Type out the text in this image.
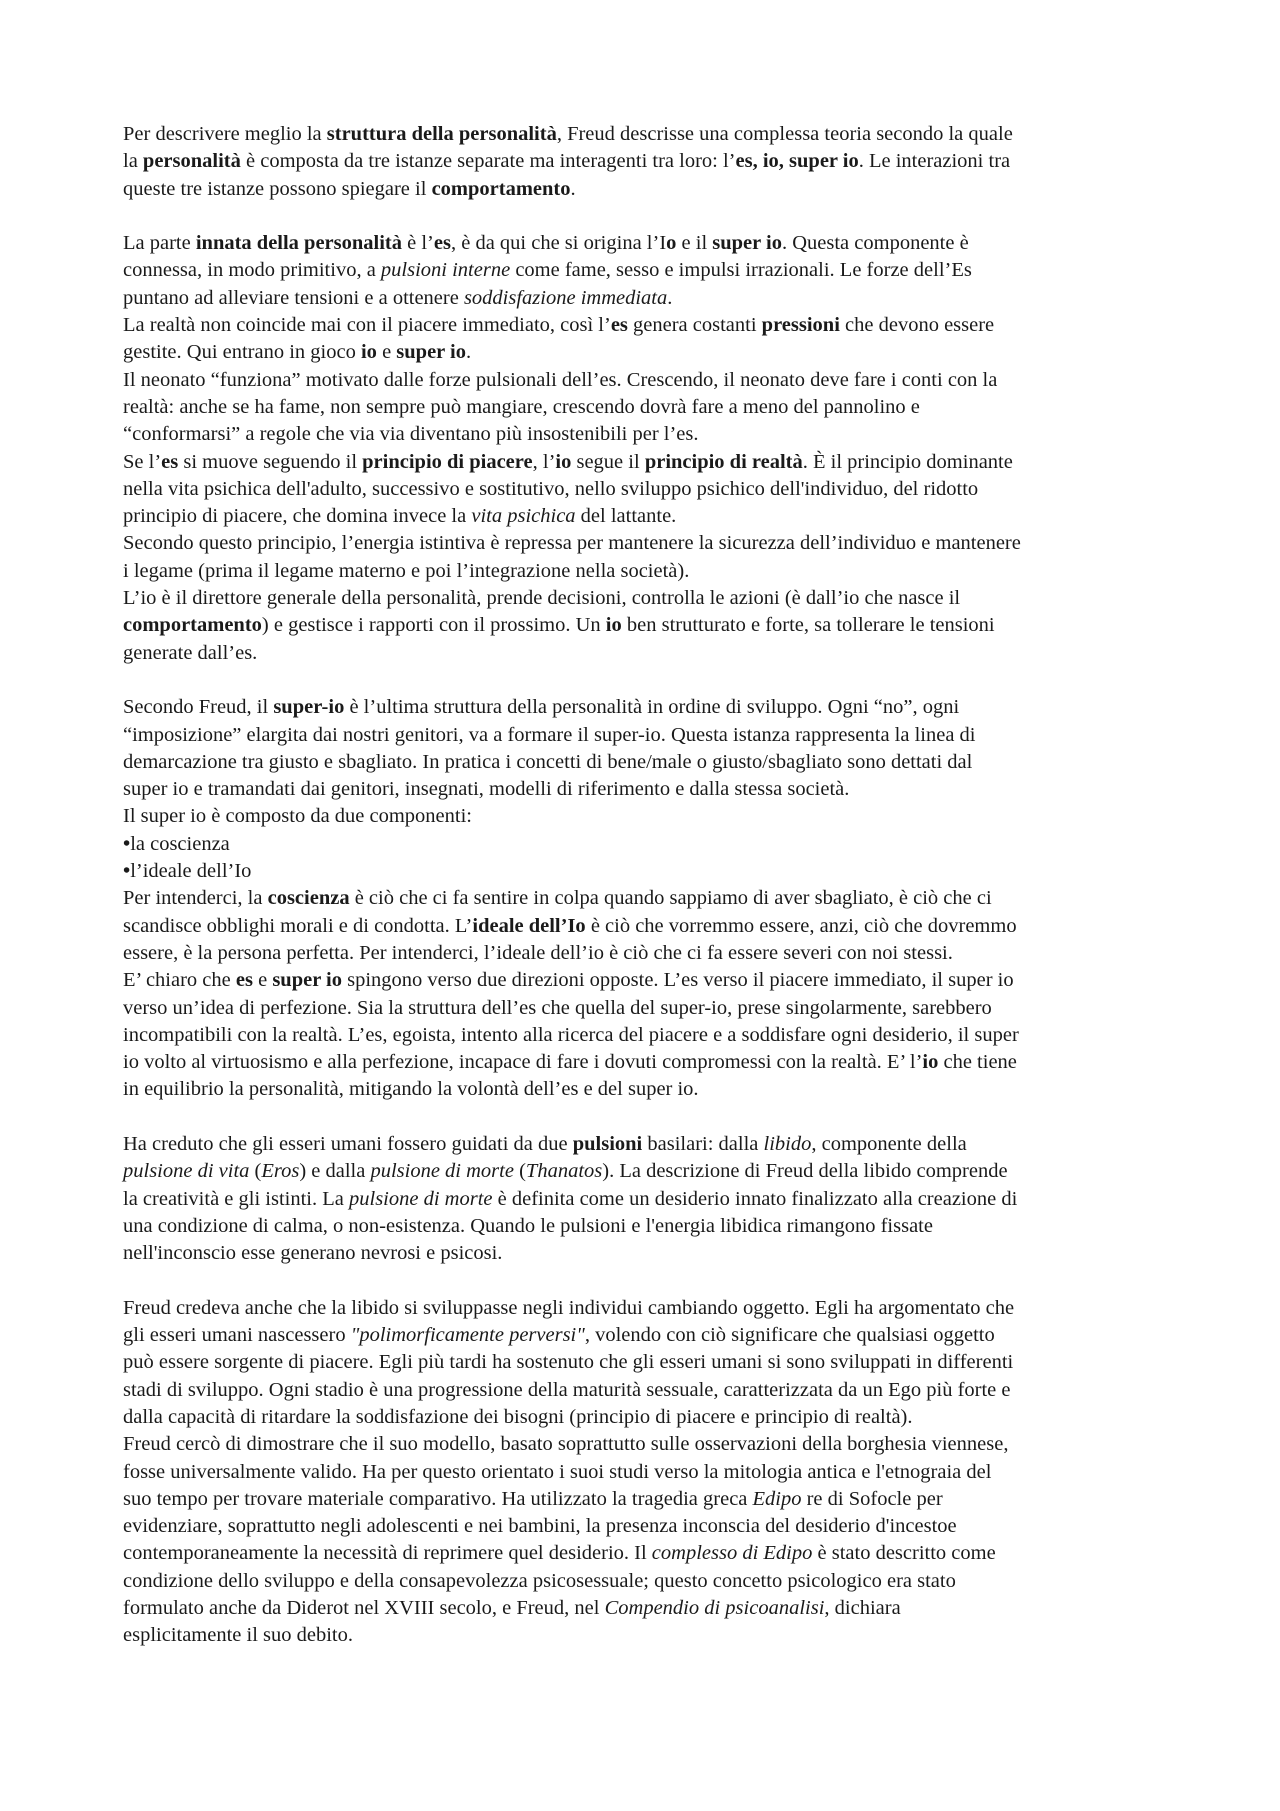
Per descrivere meglio la struttura della personalità, Freud descrisse una complessa teoria secondo la quale
la personalità è composta da tre istanze separate ma interagenti tra loro: l’es, io, super io. Le interazioni tra
queste tre istanze possono spiegare il comportamento.
La parte innata della personalità è l’es, è da qui che si origina l’Io e il super io. Questa componente è
connessa, in modo primitivo, a pulsioni interne come fame, sesso e impulsi irrazionali. Le forze dell’Es
puntano ad alleviare tensioni e a ottenere soddisfazione immediata.
La realtà non coincide mai con il piacere immediato, così l’es genera costanti pressioni che devono essere
gestite. Qui entrano in gioco io e super io.
Il neonato “funziona” motivato dalle forze pulsionali dell’es. Crescendo, il neonato deve fare i conti con la
realtà: anche se ha fame, non sempre può mangiare, crescendo dovrà fare a meno del pannolino e
“conformarsi” a regole che via via diventano più insostenibili per l’es.
Se l’es si muove seguendo il principio di piacere, l’io segue il principio di realtà. È il principio dominante
nella vita psichica dell'adulto, successivo e sostitutivo, nello sviluppo psichico dell'individuo, del ridotto
principio di piacere, che domina invece la vita psichica del lattante.
Secondo questo principio, l’energia istintiva è repressa per mantenere la sicurezza dell’individuo e mantenere
i legame (prima il legame materno e poi l’integrazione nella società).
L’io è il direttore generale della personalità, prende decisioni, controlla le azioni (è dall’io che nasce il
comportamento) e gestisce i rapporti con il prossimo. Un io ben strutturato e forte, sa tollerare le tensioni
generate dall’es.
Secondo Freud, il super-io è l’ultima struttura della personalità in ordine di sviluppo. Ogni “no”, ogni
“imposizione” elargita dai nostri genitori, va a formare il super-io. Questa istanza rappresenta la linea di
demarcazione tra giusto e sbagliato. In pratica i concetti di bene/male o giusto/sbagliato sono dettati dal
super io e tramandati dai genitori, insegnati, modelli di riferimento e dalla stessa società.
Il super io è composto da due componenti:
•la coscienza
•l’ideale dell’Io
Per intenderci, la coscienza è ciò che ci fa sentire in colpa quando sappiamo di aver sbagliato, è ciò che ci
scandisce obblighi morali e di condotta. L’ideale dell’Io è ciò che vorremmo essere, anzi, ciò che dovremmo
essere, è la persona perfetta. Per intenderci, l’ideale dell’io è ciò che ci fa essere severi con noi stessi.
E’ chiaro che es e super io spingono verso due direzioni opposte. L’es verso il piacere immediato, il super io
verso un’idea di perfezione. Sia la struttura dell’es che quella del super-io, prese singolarmente, sarebbero
incompatibili con la realtà. L’es, egoista, intento alla ricerca del piacere e a soddisfare ogni desiderio, il super
io volto al virtuosismo e alla perfezione, incapace di fare i dovuti compromessi con la realtà. E’ l’io che tiene
in equilibrio la personalità, mitigando la volontà dell’es e del super io.
Ha creduto che gli esseri umani fossero guidati da due pulsioni basilari: dalla libido, componente della
pulsione di vita (Eros) e dalla pulsione di morte (Thanatos). La descrizione di Freud della libido comprende
la creatività e gli istinti. La pulsione di morte è definita come un desiderio innato finalizzato alla creazione di
una condizione di calma, o non-esistenza. Quando le pulsioni e l'energia libidica rimangono fissate
nell'inconscio esse generano nevrosi e psicosi.
Freud credeva anche che la libido si sviluppasse negli individui cambiando oggetto. Egli ha argomentato che
gli esseri umani nascessero "polimorficamente perversi", volendo con ciò significare che qualsiasi oggetto
può essere sorgente di piacere. Egli più tardi ha sostenuto che gli esseri umani si sono sviluppati in differenti
stadi di sviluppo. Ogni stadio è una progressione della maturità sessuale, caratterizzata da un Ego più forte e
dalla capacità di ritardare la soddisfazione dei bisogni (principio di piacere e principio di realtà).
Freud cercò di dimostrare che il suo modello, basato soprattutto sulle osservazioni della borghesia viennese,
fosse universalmente valido. Ha per questo orientato i suoi studi verso la mitologia antica e l'etnograia del
suo tempo per trovare materiale comparativo. Ha utilizzato la tragedia greca Edipo re di Sofocle per
evidenziare, soprattutto negli adolescenti e nei bambini, la presenza inconscia del desiderio d'incestoe
contemporaneamente la necessità di reprimere quel desiderio. Il complesso di Edipo è stato descritto come
condizione dello sviluppo e della consapevolezza psicosessuale; questo concetto psicologico era stato
formulato anche da Diderot nel XVIII secolo, e Freud, nel Compendio di psicoanalisi, dichiara
esplicitamente il suo debito.
